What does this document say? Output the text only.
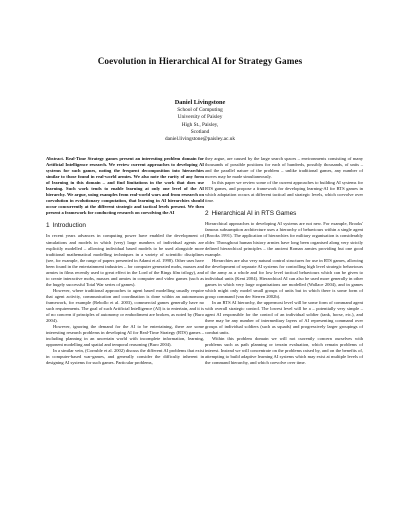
Coevolution in Hierarchical AI for Strategy Games
Daniel Livingstone
School of Computing
University of Paisley
High St., Paisley,
Scotland
daniel.livingstone@paisley.ac.uk

Abstract. Real-Time Strategy games present an interesting problem domain for Artificial Intelligence research. We review current approaches to developing AI systems for such games, noting the frequent decomposition into hierarchies similar to those found in real-world armies. We also note the rarity of any form of learning in this domain – and find limitations in the work that does use learning. Such work tends to enable learning at only one level of the AI hierarchy. We argue, using examples from real-world wars and from research on coevolution in evolutionary computation, that learning in AI hierarchies should occur concurrently at the different strategic and tactical levels present. We then present a framework for conducting research on coevolving the AI

1 Introduction

In recent years advances in computing power have enabled the development of simulations and models in which (very) large numbers of individual agents are explicitly modelled – allowing individual based models to be used alongside more traditional mathematical modelling techniques in a variety of scientific disciplines (see, for example, the range of papers presented in Adami et al. 1998). Other uses have been found in the entertainment industries – for computer generated mobs, masses and armies in films recently used to great effect in the Lord of the Rings film trilogy), and to create interactive mobs, masses and armies in computer and video games (such as the hugely successful Total War series of games).

However, where traditional approaches to agent based modelling usually require that agent activity, communication and coordination is done within an autonomous framework, for example (Rebollo et al. 2003), commercial games generally have no such requirements. The goal of such Artificial Intelligence (AI) is to entertain, and it is of no concern if principles of autonomy or embodiment are broken, as noted by (Buro 2004).

However, ignoring the demand for the AI to be entertaining, there are some interesting research problems in developing AI for Real-Time Strategy (RTS) games – including planning in an uncertain world with incomplete information, learning, opponent modelling and spatial and temporal reasoning (Buro 2004).

In a similar vein, (Corruble et al. 2002) discuss the different AI problems that exist in computer-based war-games, and generally consider the difficulty inherent in designing AI systems for such games. Particular problems,

they argue, are caused by the large search spaces – environments consisting of many thousands of possible positions for each of hundreds, possibly thousands, of units – and the parallel nature of the problem – unlike traditional games, any number of moves may be made simultaneously.

In this paper we review some of the current approaches to building AI systems for RTS games, and propose a framework for developing learning-AI for RTS games in which adaptation occurs at different tactical and strategic levels, which coevolve over time.

2 Hierarchical AI in RTS Games

Hierarchical approaches to developing AI systems are not new. For example, Brooks' famous subsumption architecture uses a hierarchy of behaviours within a single agent (Brooks 1991). The application of hierarchies for military organisation is considerably older. Throughout human history armies have long been organised along very strictly defined hierarchical principles – the ancient Roman armies providing but one good example.

Hierarchies are also very natural control structures for use in RTS games, allowing the development of separate AI systems for controlling high level strategic behaviours of the army as a whole and for low level tactical behaviours which can be given to individual units (Kent 2004). Hierarchical AI can also be used more generally in other games in which very large organisations are modelled (Wallace 2004), and in games which might only model small groups of units but in which there is some form of group command (van der Sterren 2002b).

In an RTS AI hierarchy, the uppermost level will be some form of command agent with overall strategic control. The lowest level will be a – potentially very simple – agent AI responsible for the control of an individual soldier (tank, horse, etc.), and there may be any number of intermediary layers of AI representing command over groups of individual soldiers (such as squads) and progressively larger groupings of combat units.

Within this problem domain we will not currently concern ourselves with problems such as path planning or terrain evaluation, which remain problems of interest. Instead we will concentrate on the problems raised by, and on the benefits of, attempting to build adaptive learning AI systems which may exist at multiple levels of the command hierarchy, and which coevolve over time.
